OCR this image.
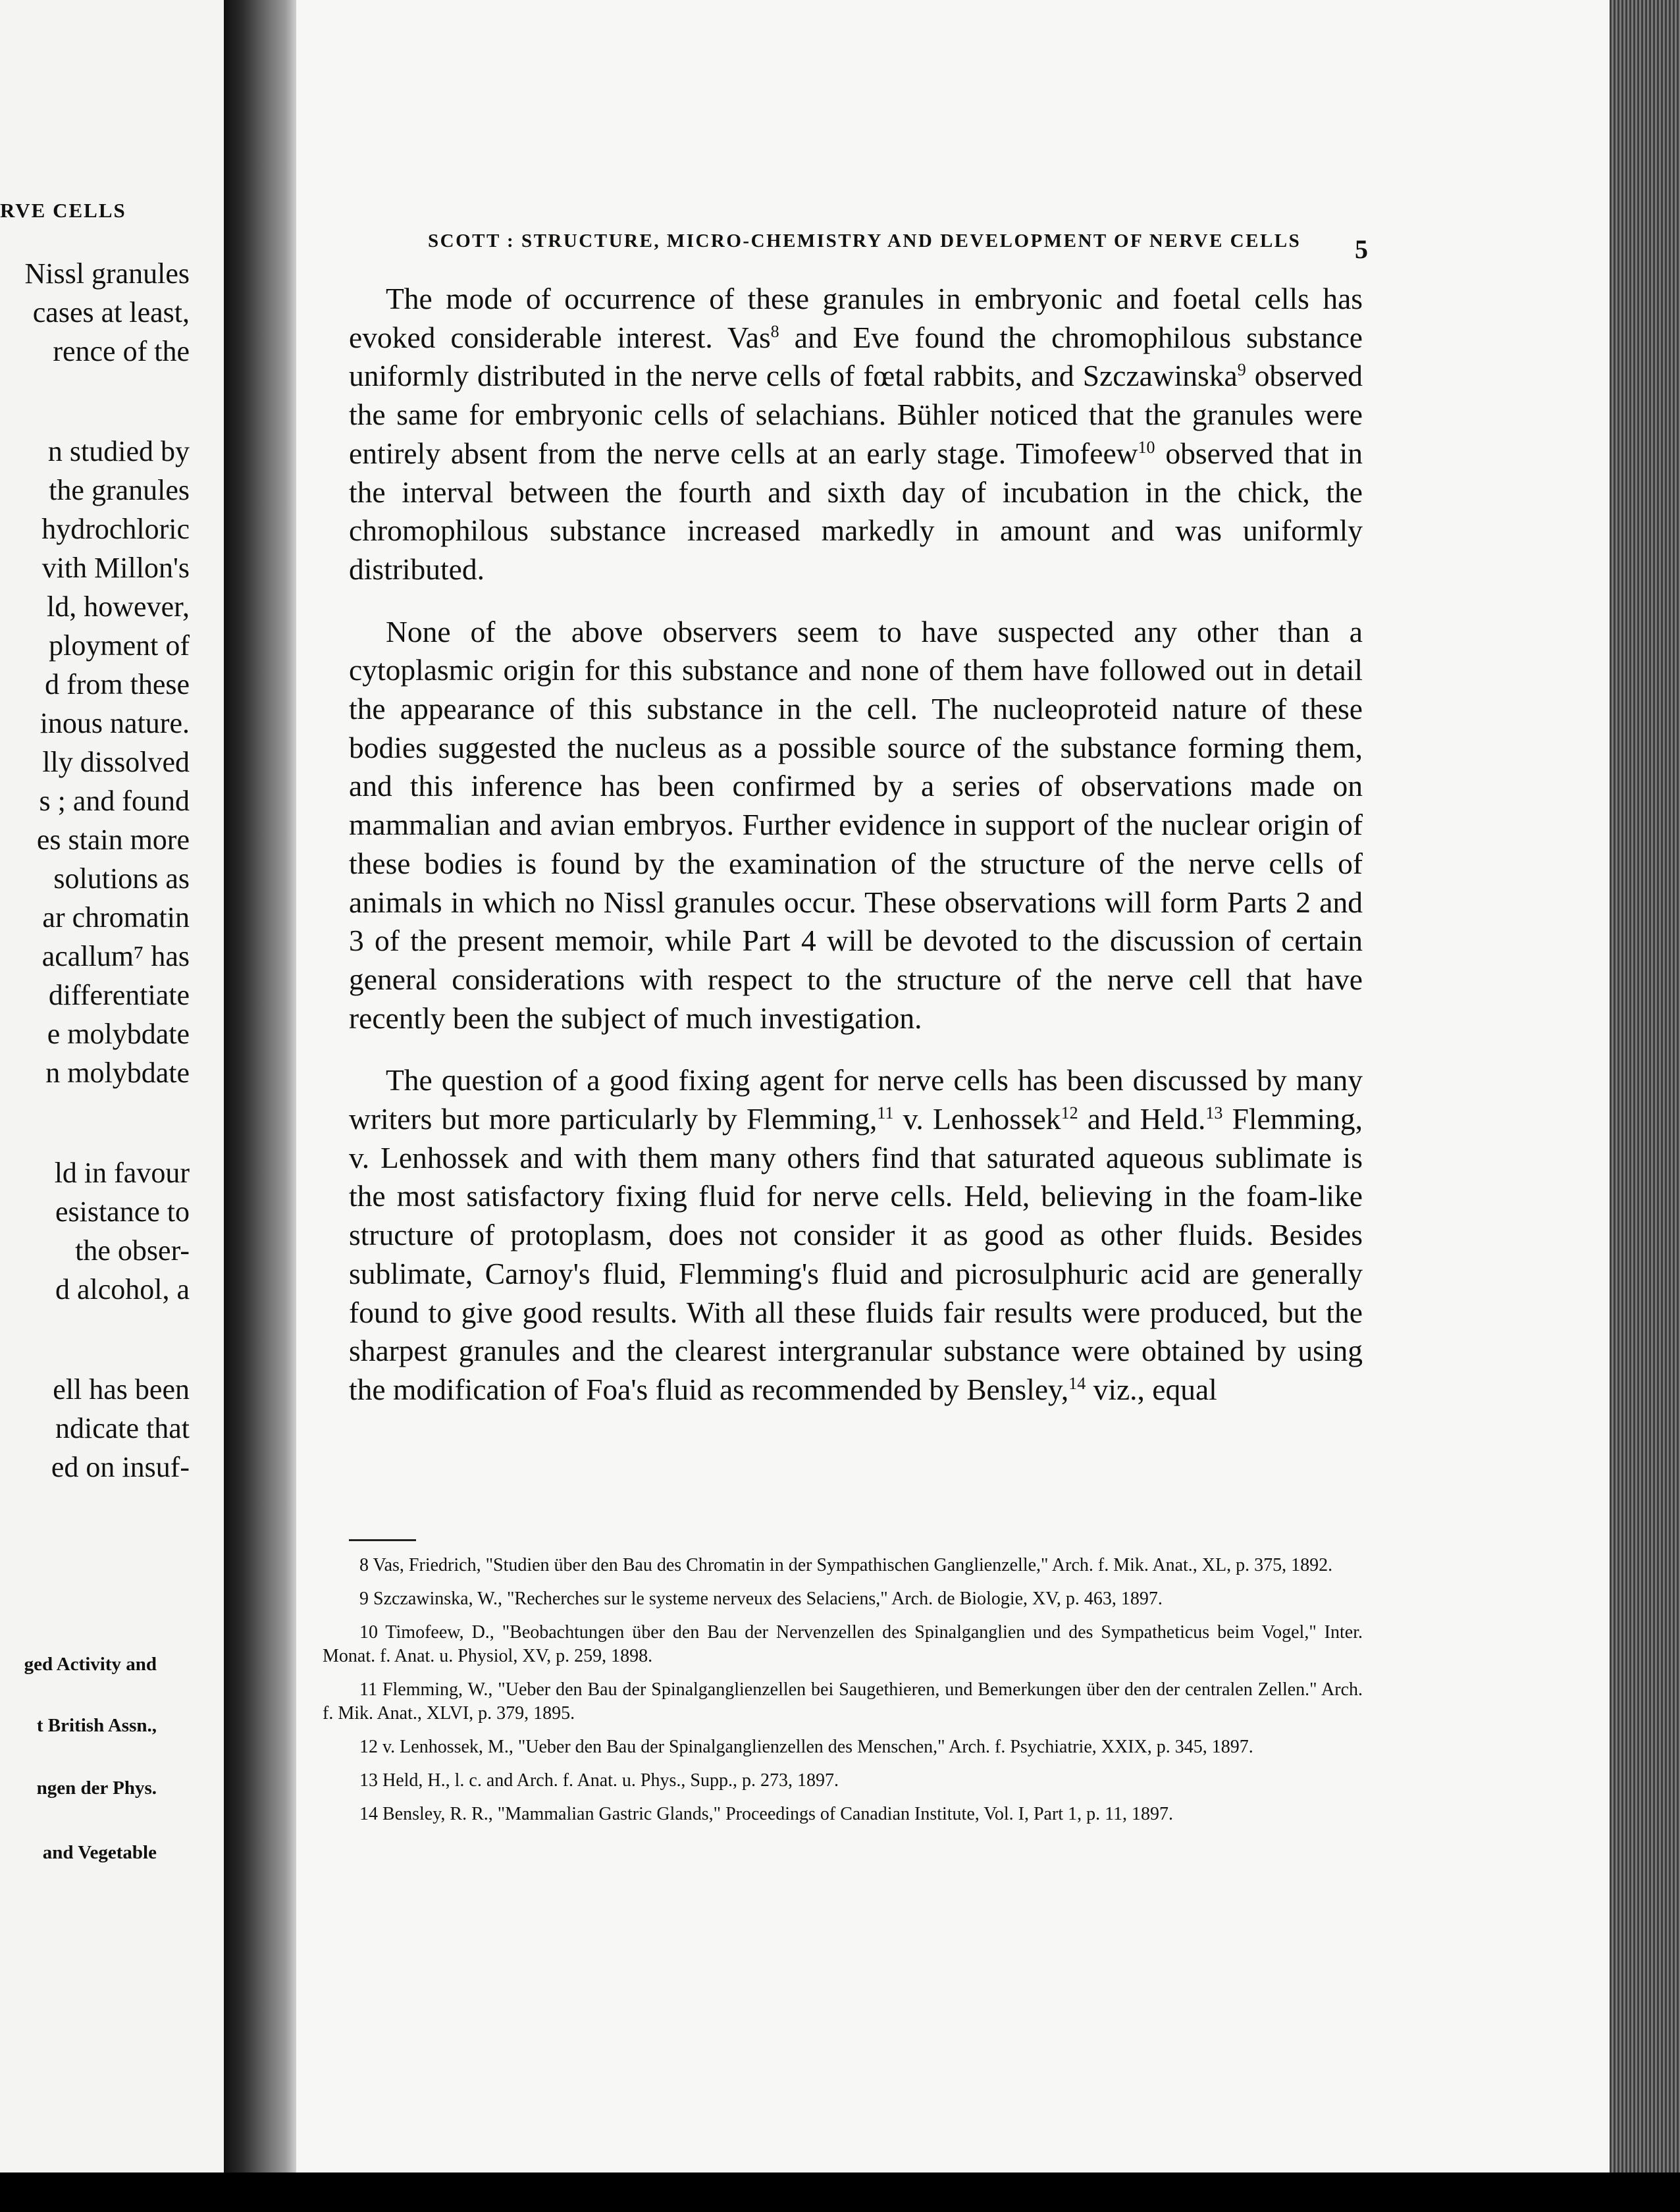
RVE CELLS
Nissl granules
cases at least,
rence of the
n studied by
the granules
hydrochloric
vith Millon's
ld, however,
ployment of
d from these
inous nature.
lly dissolved
s ; and found
es stain more
solutions as
ar chromatin
acallum⁷ has
differentiate
e molybdate
n molybdate
ld in favour
esistance to
the obser-
d alcohol, a
ell has been
ndicate that
ed on insuf-
ged Activity and
t British Assn.,
ngen der Phys.
and Vegetable
SCOTT : STRUCTURE, MICRO-CHEMISTRY AND DEVELOPMENT OF NERVE CELLS 5

The mode of occurrence of these granules in embryonic and foetal cells has evoked considerable interest. Vas$^8$ and Eve found the chromophilous substance uniformly distributed in the nerve cells of fœtal rabbits, and Szczawinska$^9$ observed the same for embryonic cells of selachians. Bühler noticed that the granules were entirely absent from the nerve cells at an early stage. Timofeew$^{10}$ observed that in the interval between the fourth and sixth day of incubation in the chick, the chromophilous substance increased markedly in amount and was uniformly distributed.

None of the above observers seem to have suspected any other than a cytoplasmic origin for this substance and none of them have followed out in detail the appearance of this substance in the cell. The nucleoproteid nature of these bodies suggested the nucleus as a possible source of the substance forming them, and this inference has been confirmed by a series of observations made on mammalian and avian embryos. Further evidence in support of the nuclear origin of these bodies is found by the examination of the structure of the nerve cells of animals in which no Nissl granules occur. These observations will form Parts 2 and 3 of the present memoir, while Part 4 will be devoted to the discussion of certain general considerations with respect to the structure of the nerve cell that have recently been the subject of much investigation.

The question of a good fixing agent for nerve cells has been discussed by many writers but more particularly by Flemming,$^{11}$ v. Lenhossek$^{12}$ and Held.$^{13}$ Flemming, v. Lenhossek and with them many others find that saturated aqueous sublimate is the most satisfactory fixing fluid for nerve cells. Held, believing in the foam-like structure of protoplasm, does not consider it as good as other fluids. Besides sublimate, Carnoy's fluid, Flemming's fluid and picrosulphuric acid are generally found to give good results. With all these fluids fair results were produced, but the sharpest granules and the clearest intergranular substance were obtained by using the modification of Foa's fluid as recommended by Bensley,$^{14}$ viz., equal

8 Vas, Friedrich, "Studien über den Bau des Chromatin in der Sympathischen Ganglienzelle," Arch. f. Mik. Anat., XL, p. 375, 1892.

9 Szczawinska, W., "Recherches sur le systeme nerveux des Selaciens," Arch. de Biologie, XV, p. 463, 1897.

10 Timofeew, D., "Beobachtungen über den Bau der Nervenzellen des Spinalganglien und des Sympatheticus beim Vogel," Inter. Monat. f. Anat. u. Physiol, XV, p. 259, 1898.

11 Flemming, W., "Ueber den Bau der Spinalganglienzellen bei Saugethieren, und Bemerkungen über den der centralen Zellen." Arch. f. Mik. Anat., XLVI, p. 379, 1895.

12 v. Lenhossek, M., "Ueber den Bau der Spinalganglienzellen des Menschen," Arch. f. Psychiatrie, XXIX, p. 345, 1897.

13 Held, H., l. c. and Arch. f. Anat. u. Phys., Supp., p. 273, 1897.

14 Bensley, R. R., "Mammalian Gastric Glands," Proceedings of Canadian Institute, Vol. I, Part 1, p. 11, 1897.
